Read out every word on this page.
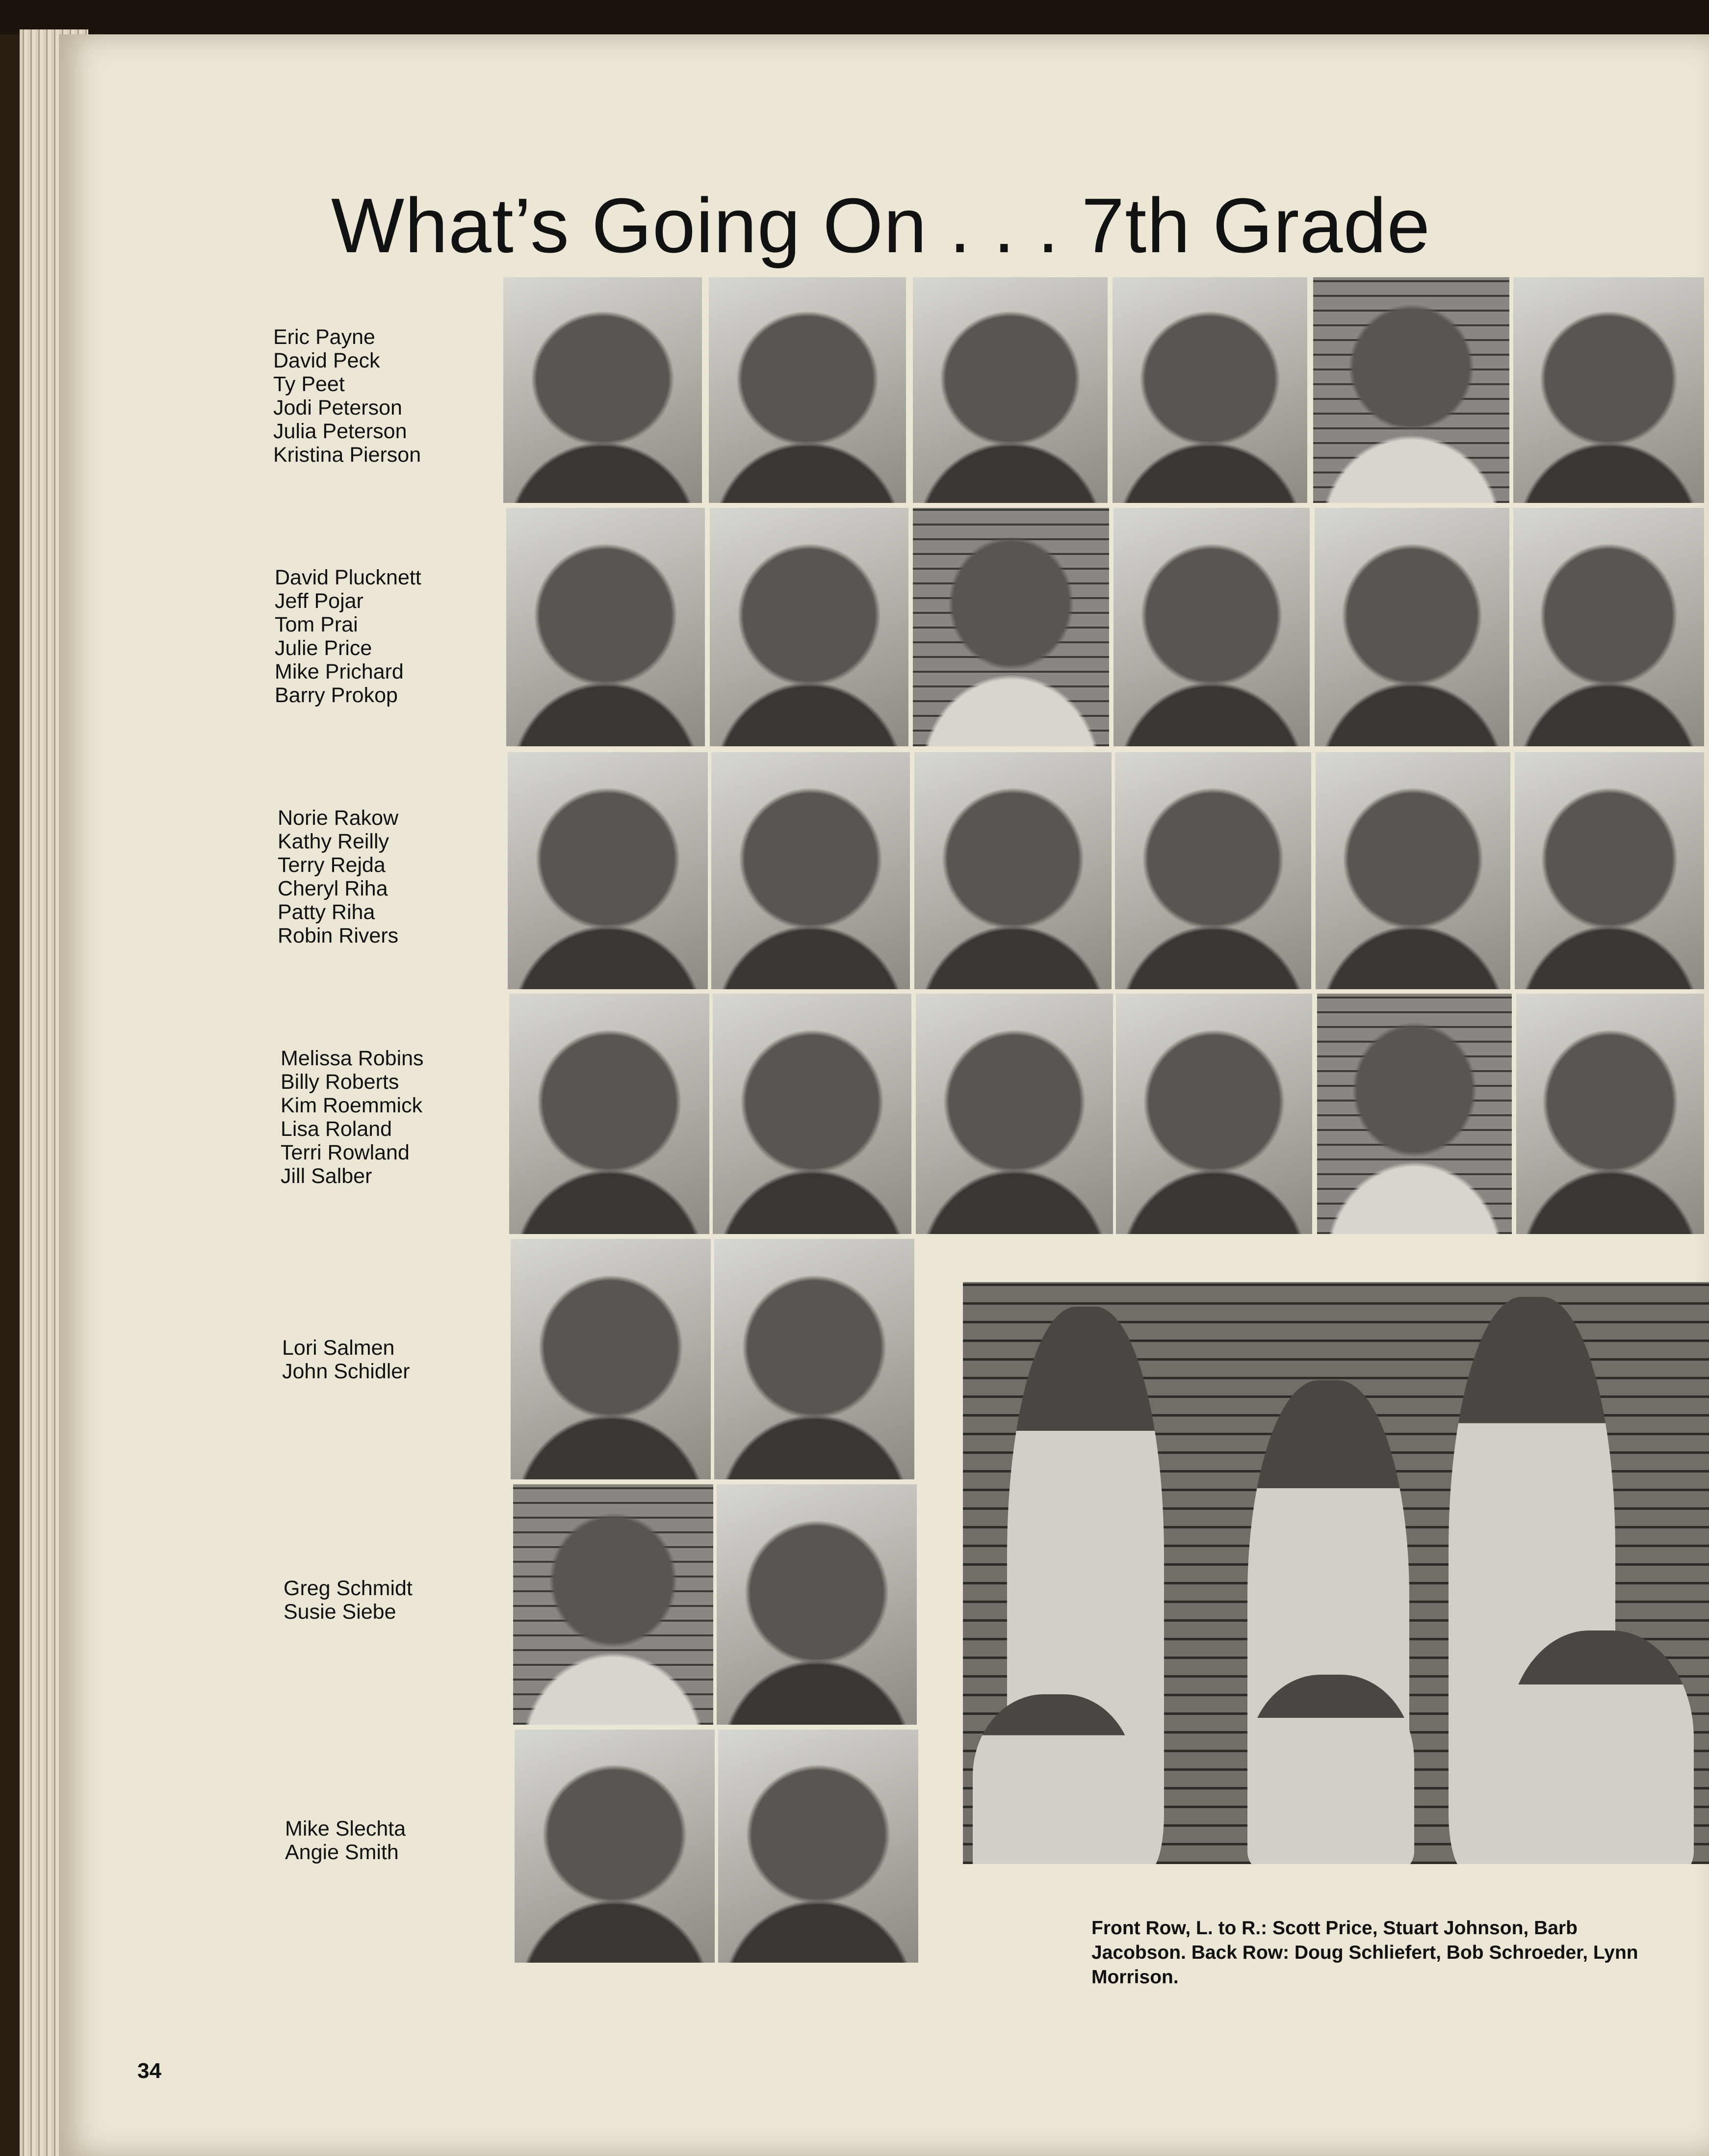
What’s Going On . . . 7th Grade
Eric Payne
David Peck
Ty Peet
Jodi Peterson
Julia Peterson
Kristina Pierson
David Plucknett
Jeff Pojar
Tom Prai
Julie Price
Mike Prichard
Barry Prokop
Norie Rakow
Kathy Reilly
Terry Rejda
Cheryl Riha
Patty Riha
Robin Rivers
Melissa Robins
Billy Roberts
Kim Roemmick
Lisa Roland
Terri Rowland
Jill Salber
Lori Salmen
John Schidler
Greg Schmidt
Susie Siebe
Mike Slechta
Angie Smith
Front Row, L. to R.: Scott Price, Stuart Johnson, Barb Jacobson. Back Row: Doug Schliefert, Bob Schroeder, Lynn Morrison.
34
